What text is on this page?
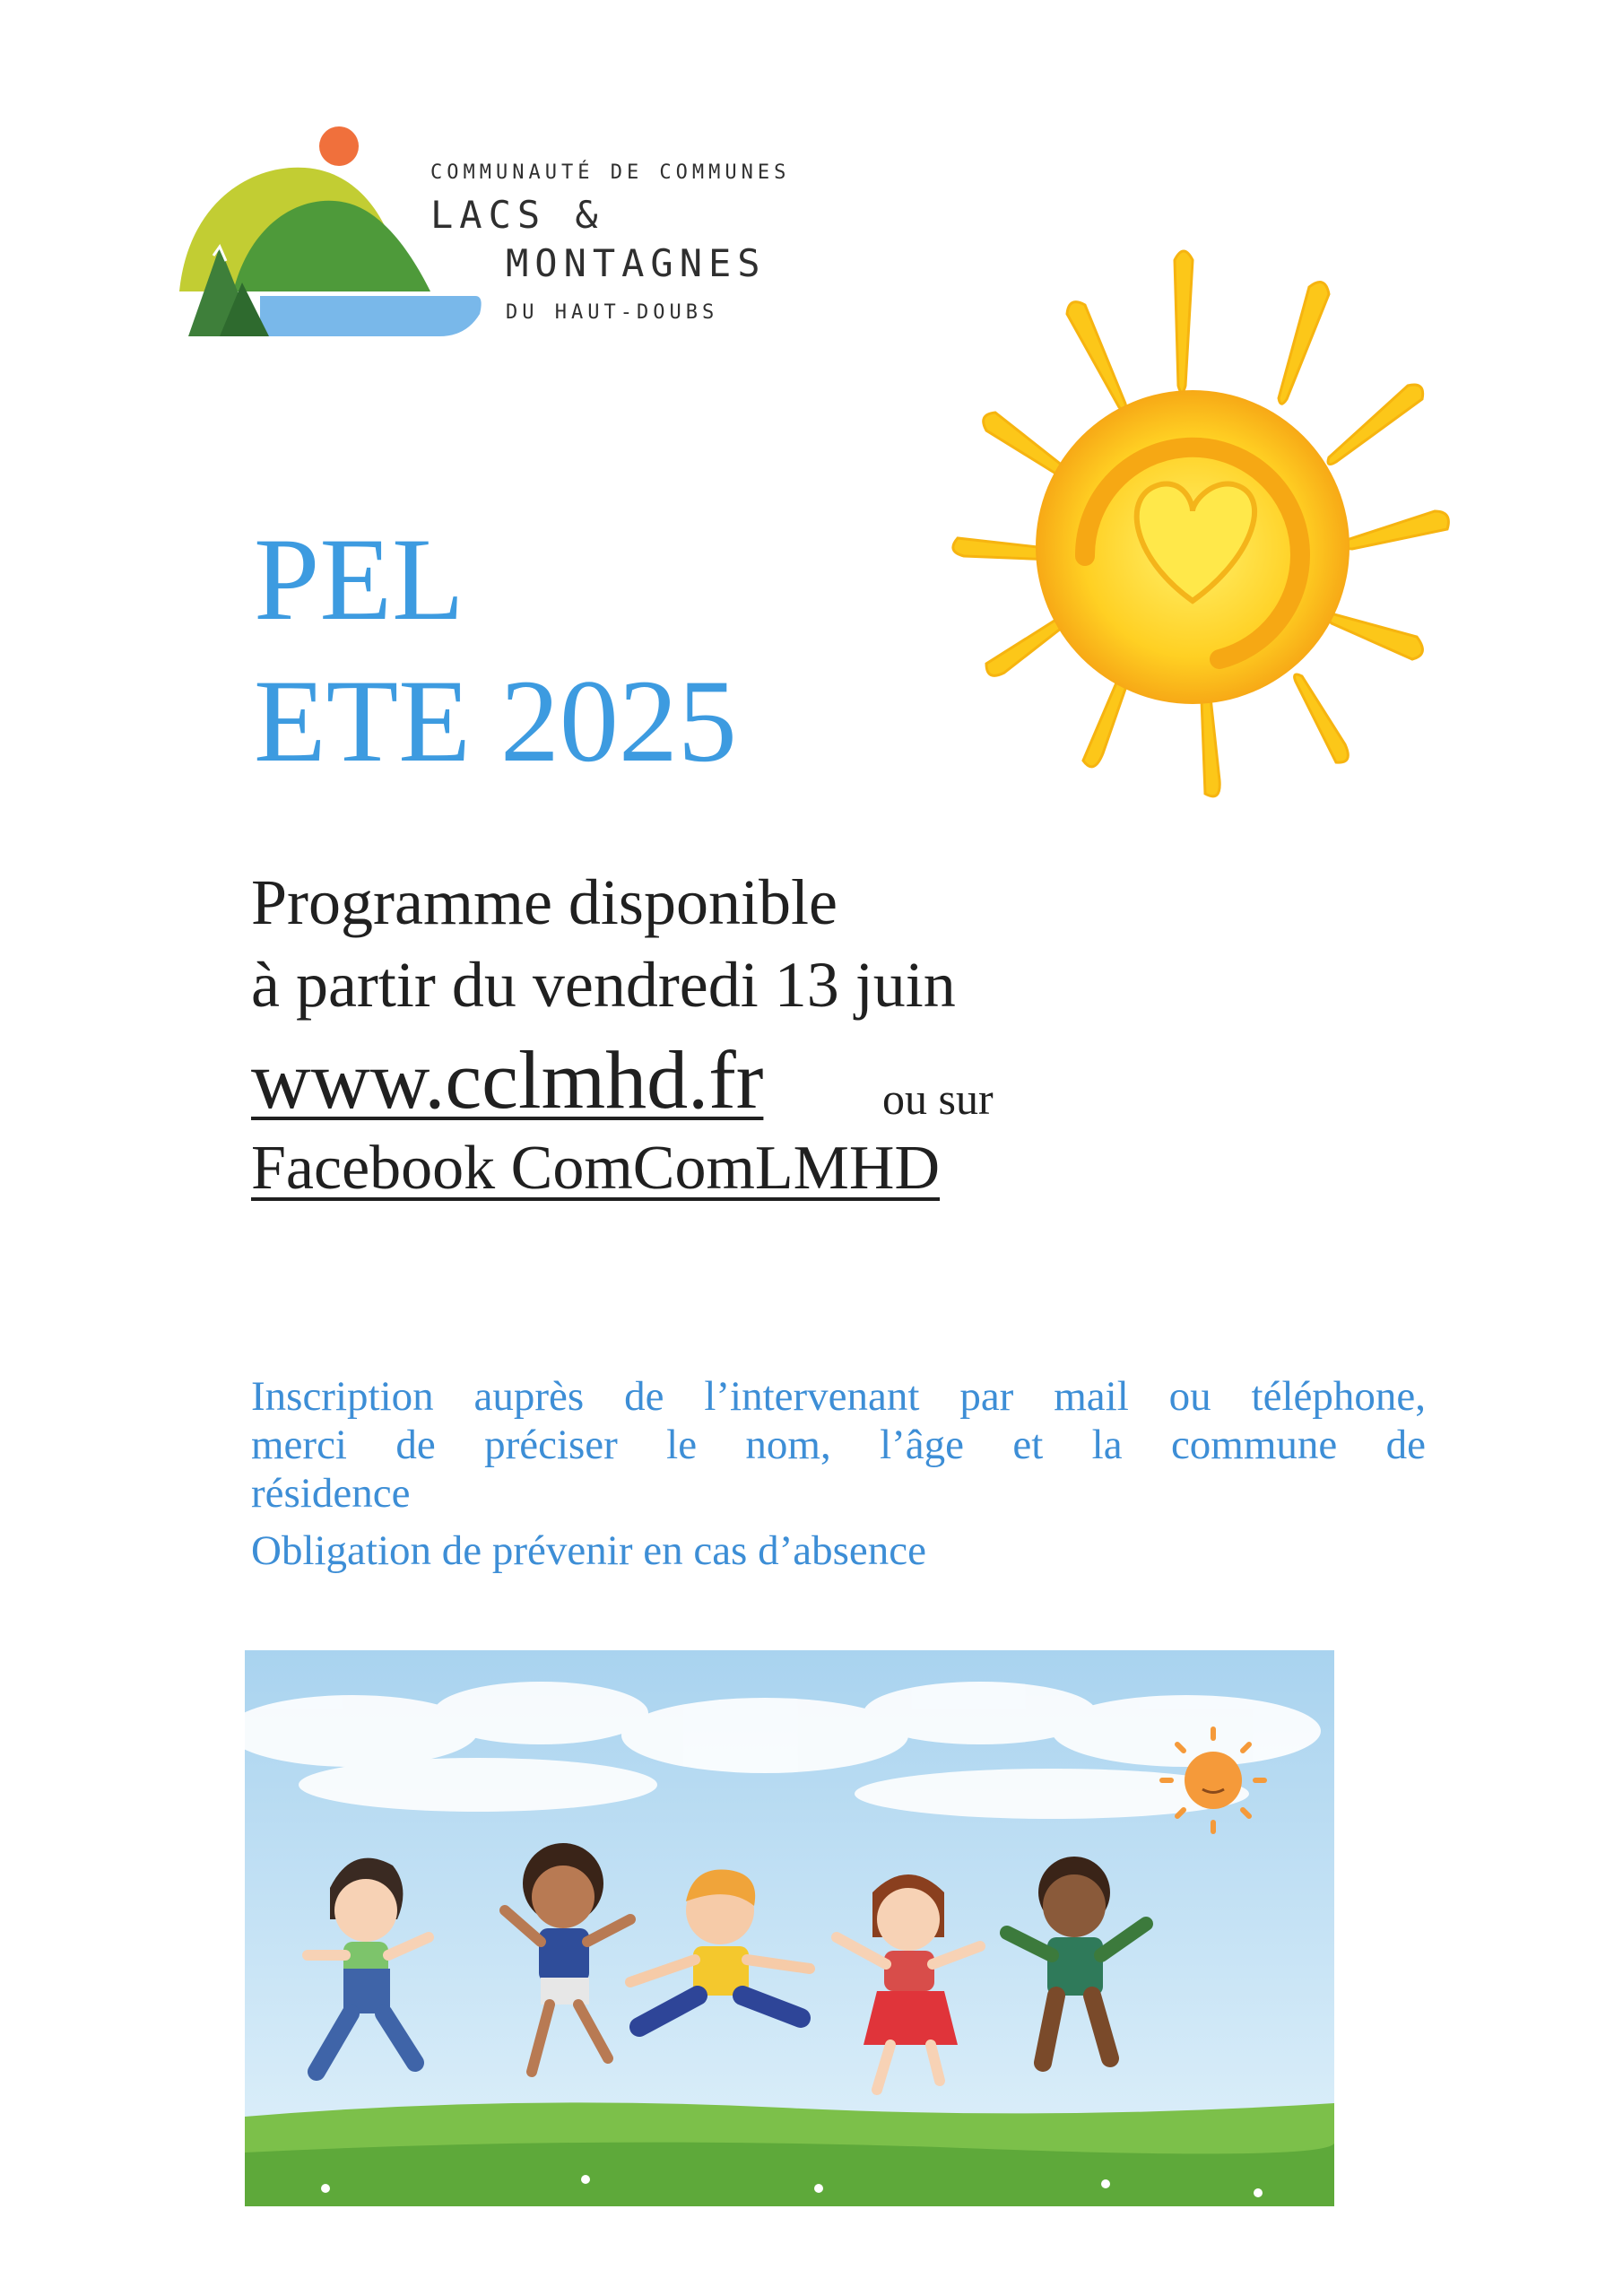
COMMUNAUTÉ DE COMMUNES
LACS &
MONTAGNES
DU HAUT-DOUBS
PEL
ETE 2025
Programme disponible
à partir du vendredi 13 juin
www.cclmhd.fr	ou sur
Facebook ComComLMHD
Inscription auprès de l’intervenant par mail ou téléphone,
merci de préciser le nom, l’âge et la commune de
résidence
Obligation de prévenir en cas d’absence
